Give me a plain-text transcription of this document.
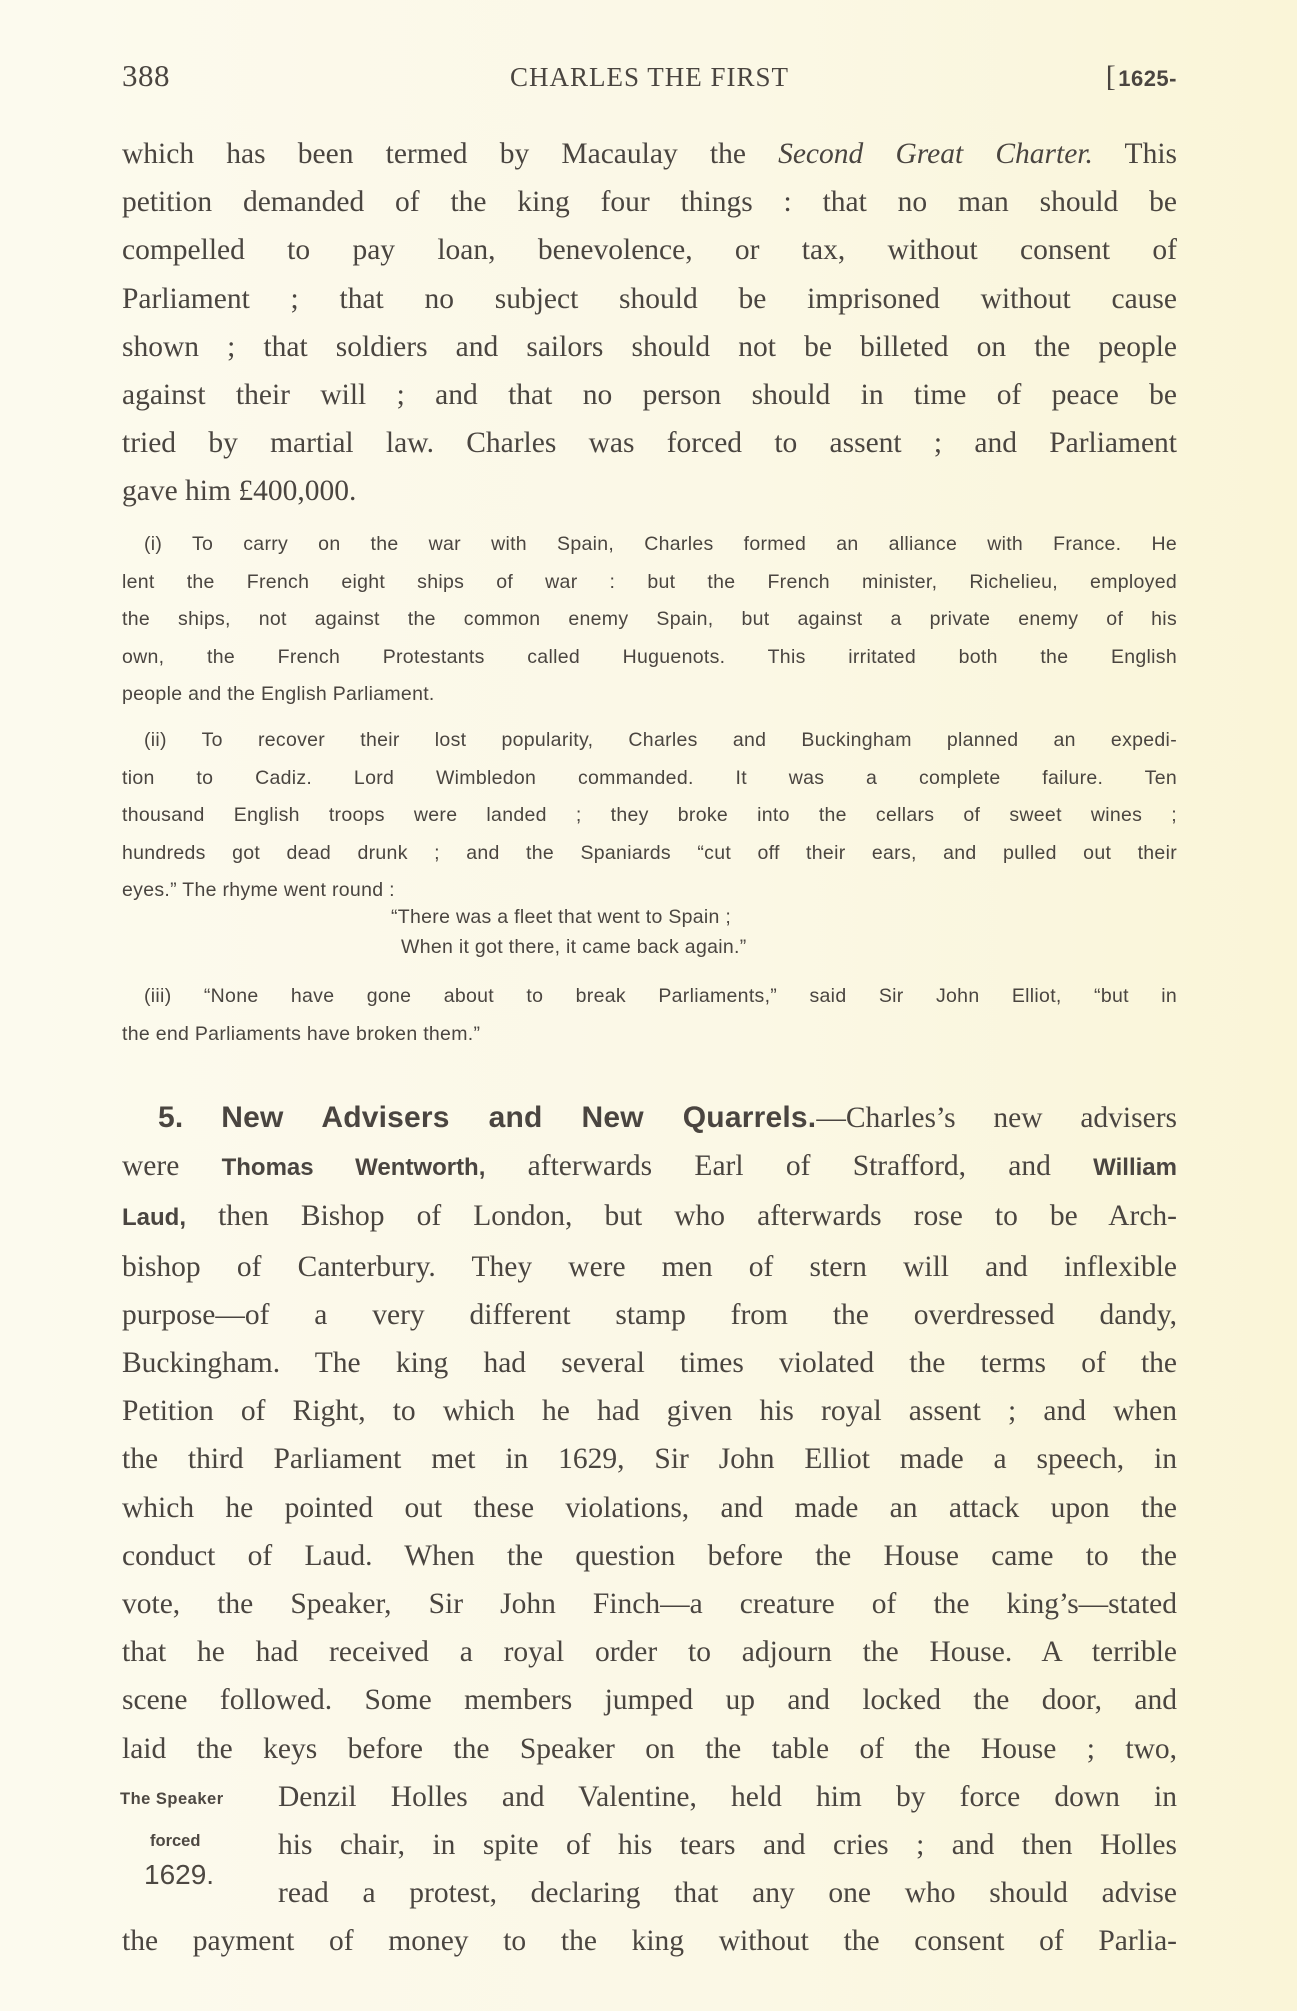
388	CHARLES THE FIRST	[1625-
which has been termed by Macaulay the Second Great Charter. This
petition demanded of the king four things : that no man should be
compelled to pay loan, benevolence, or tax, without consent of
Parliament ; that no subject should be imprisoned without cause
shown ; that soldiers and sailors should not be billeted on the people
against their will ; and that no person should in time of peace be
tried by martial law. Charles was forced to assent ; and Parliament
gave him £400,000.
(i) To carry on the war with Spain, Charles formed an alliance with France. He
lent the French eight ships of war : but the French minister, Richelieu, employed
the ships, not against the common enemy Spain, but against a private enemy of his
own, the French Protestants called Huguenots. This irritated both the English
people and the English Parliament.
(ii) To recover their lost popularity, Charles and Buckingham planned an expedi-
tion to Cadiz. Lord Wimbledon commanded. It was a complete failure. Ten
thousand English troops were landed ; they broke into the cellars of sweet wines ;
hundreds got dead drunk ; and the Spaniards “cut off their ears, and pulled out their
eyes.” The rhyme went round :
“There was a fleet that went to Spain ;
When it got there, it came back again.”
(iii) “None have gone about to break Parliaments,” said Sir John Elliot, “but in
the end Parliaments have broken them.”
5. New Advisers and New Quarrels.—Charles’s new advisers
were Thomas Wentworth, afterwards Earl of Strafford, and William
Laud, then Bishop of London, but who afterwards rose to be Arch-
bishop of Canterbury. They were men of stern will and inflexible
purpose—of a very different stamp from the overdressed dandy,
Buckingham. The king had several times violated the terms of the
Petition of Right, to which he had given his royal assent ; and when
the third Parliament met in 1629, Sir John Elliot made a speech, in
which he pointed out these violations, and made an attack upon the
conduct of Laud. When the question before the House came to the
vote, the Speaker, Sir John Finch—a creature of the king’s—stated
that he had received a royal order to adjourn the House. A terrible
scene followed. Some members jumped up and locked the door, and
laid the keys before the Speaker on the table of the House ; two,
Denzil Holles and Valentine, held him by force down in
his chair, in spite of his tears and cries ; and then Holles
read a protest, declaring that any one who should advise
the payment of money to the king without the consent of Parlia-
The Speaker
forced
1629.
